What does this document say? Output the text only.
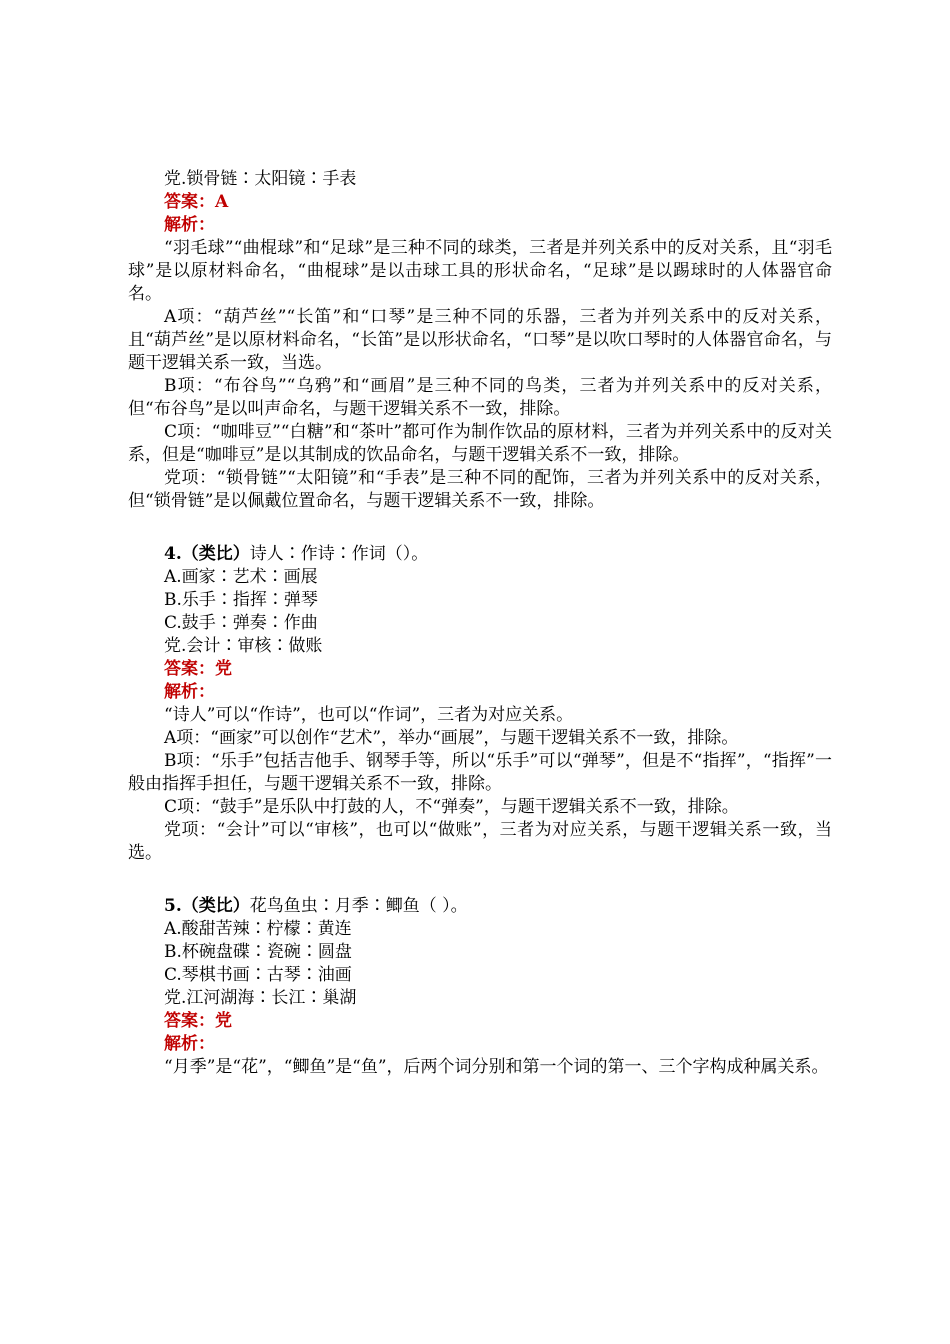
党.锁骨链∶太阳镜∶手表
答案：A
解析：
“羽毛球”“曲棍球”和“足球”是三种不同的球类，三者是并列关系中的反对关系，且“羽毛球”是以原材料命名，“曲棍球”是以击球工具的形状命名，“足球”是以踢球时的人体器官命名。
A项：“葫芦丝”“长笛”和“口琴”是三种不同的乐器，三者为并列关系中的反对关系，且“葫芦丝”是以原材料命名，“长笛”是以形状命名，“口琴”是以吹口琴时的人体器官命名，与题干逻辑关系一致，当选。
B项：“布谷鸟”“乌鸦”和“画眉”是三种不同的鸟类，三者为并列关系中的反对关系，但“布谷鸟”是以叫声命名，与题干逻辑关系不一致，排除。
C项：“咖啡豆”“白糖”和“茶叶”都可作为制作饮品的原材料，三者为并列关系中的反对关系，但是“咖啡豆”是以其制成的饮品命名，与题干逻辑关系不一致，排除。
党项：“锁骨链”“太阳镜”和“手表”是三种不同的配饰，三者为并列关系中的反对关系，但“锁骨链”是以佩戴位置命名，与题干逻辑关系不一致，排除。
4.（类比）诗人∶作诗∶作词（）。
A.画家∶艺术∶画展
B.乐手∶指挥∶弹琴
C.鼓手∶弹奏∶作曲
党.会计∶审核∶做账
答案：党
解析：
“诗人”可以“作诗”，也可以“作词”，三者为对应关系。
A项：“画家”可以创作“艺术”，举办“画展”，与题干逻辑关系不一致，排除。
B项：“乐手”包括吉他手、钢琴手等，所以“乐手”可以“弹琴”，但是不“指挥”，“指挥”一般由指挥手担任，与题干逻辑关系不一致，排除。
C项：“鼓手”是乐队中打鼓的人，不“弹奏”，与题干逻辑关系不一致，排除。
党项：“会计”可以“审核”，也可以“做账”，三者为对应关系，与题干逻辑关系一致，当选。
5.（类比）花鸟鱼虫∶月季∶鲫鱼（ ）。
A.酸甜苦辣∶柠檬∶黄连
B.杯碗盘碟∶瓷碗∶圆盘
C.琴棋书画∶古琴∶油画
党.江河湖海∶长江∶巢湖
答案：党
解析：
“月季”是“花”，“鲫鱼”是“鱼”，后两个词分别和第一个词的第一、三个字构成种属关系。
